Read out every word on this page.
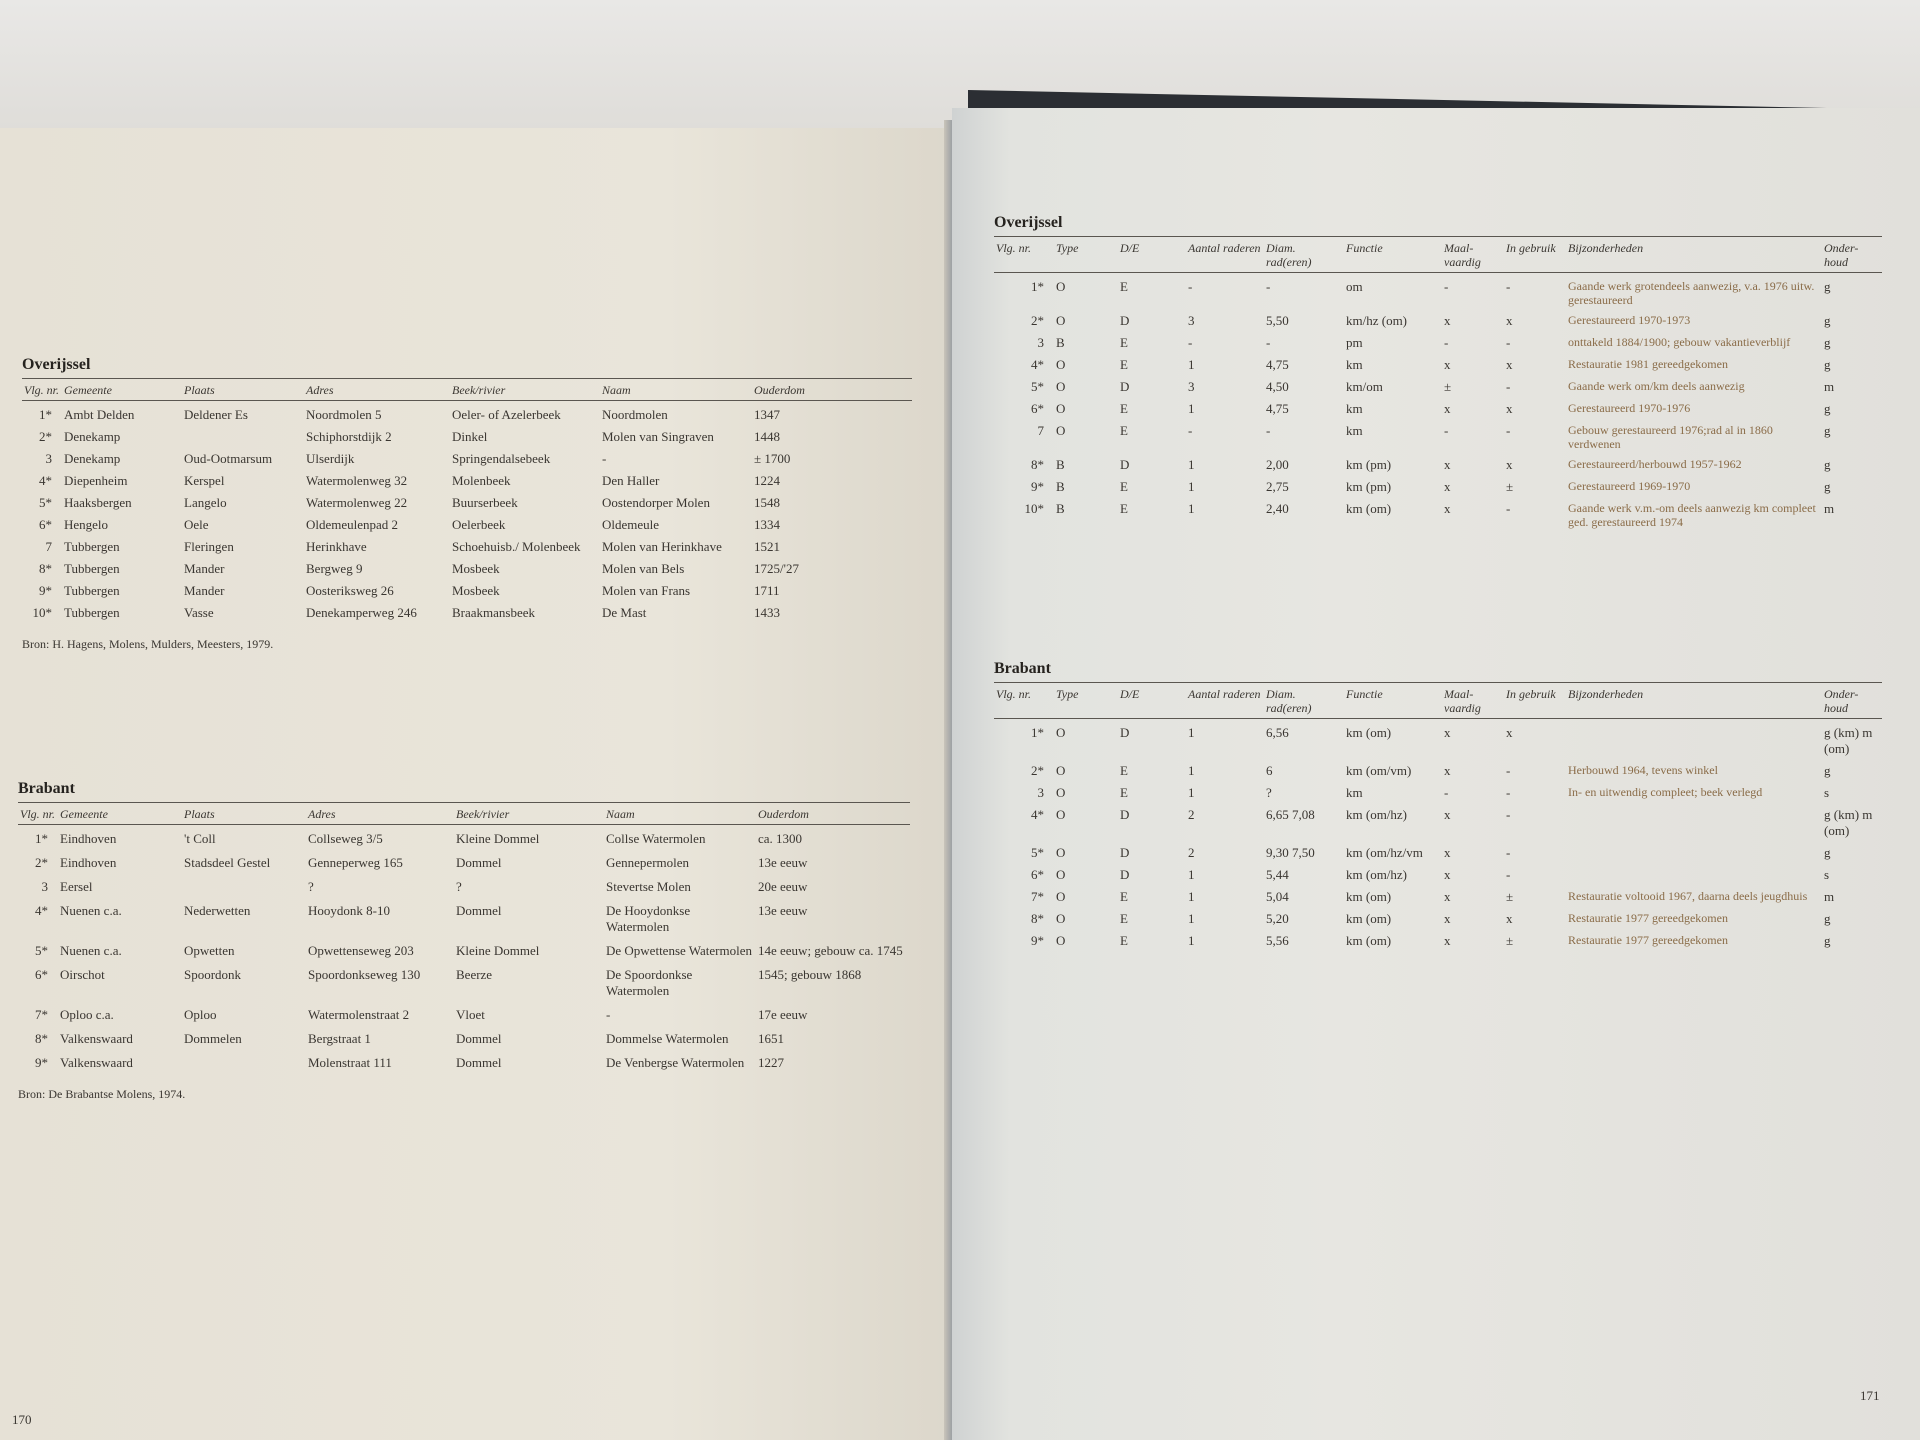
Overijssel
Vlg. nr.	Gemeente	Plaats	Adres	Beek/rivier	Naam	Ouderdom
1*	Ambt Delden	Deldener Es	Noordmolen 5	Oeler- of Azelerbeek	Noordmolen	1347
2*	Denekamp		Schiphorstdijk 2	Dinkel	Molen van Singraven	1448
3	Denekamp	Oud-Ootmarsum	Ulserdijk	Springendalsebeek	-	± 1700
4*	Diepenheim	Kerspel	Watermolenweg 32	Molenbeek	Den Haller	1224
5*	Haaksbergen	Langelo	Watermolenweg 22	Buurserbeek	Oostendorper Molen	1548
6*	Hengelo	Oele	Oldemeulenpad 2	Oelerbeek	Oldemeule	1334
7	Tubbergen	Fleringen	Herinkhave	Schoehuisb./ Molenbeek	Molen van Herinkhave	1521
8*	Tubbergen	Mander	Bergweg 9	Mosbeek	Molen van Bels	1725/'27
9*	Tubbergen	Mander	Oosteriksweg 26	Mosbeek	Molen van Frans	1711
10*	Tubbergen	Vasse	Denekamperweg 246	Braakmansbeek	De Mast	1433
Bron: H. Hagens, Molens, Mulders, Meesters, 1979.
Brabant
Vlg. nr.	Gemeente	Plaats	Adres	Beek/rivier	Naam	Ouderdom
1*	Eindhoven	't Coll	Collseweg 3/5	Kleine Dommel	Collse Watermolen	ca. 1300
2*	Eindhoven	Stadsdeel Gestel	Genneperweg 165	Dommel	Gennepermolen	13e eeuw
3	Eersel		?	?	Stevertse Molen	20e eeuw
4*	Nuenen c.a.	Nederwetten	Hooydonk 8-10	Dommel	De Hooydonkse Watermolen	13e eeuw
5*	Nuenen c.a.	Opwetten	Opwettenseweg 203	Kleine Dommel	De Opwettense Watermolen	14e eeuw; gebouw ca. 1745
6*	Oirschot	Spoordonk	Spoordonkseweg 130	Beerze	De Spoordonkse Watermolen	1545; gebouw 1868
7*	Oploo c.a.	Oploo	Watermolenstraat 2	Vloet	-	17e eeuw
8*	Valkenswaard	Dommelen	Bergstraat 1	Dommel	Dommelse Watermolen	1651
9*	Valkenswaard		Molenstraat 111	Dommel	De Venbergse Watermolen	1227
Bron: De Brabantse Molens, 1974.
170
Overijssel
Vlg. nr.	Type	D/E	Aantal raderen	Diam. rad(eren)	Functie	Maal-vaardig	In gebruik	Bijzonderheden	Onder-houd
1*	O	E	-	-	om	-	-	Gaande werk grotendeels aanwezig, v.a. 1976 uitw. gerestaureerd	g
2*	O	D	3	5,50	km/hz (om)	x	x	Gerestaureerd 1970-1973	g
3	B	E	-	-	pm	-	-	onttakeld 1884/1900; gebouw vakantieverblijf	g
4*	O	E	1	4,75	km	x	x	Restauratie 1981 gereedgekomen	g
5*	O	D	3	4,50	km/om	±	-	Gaande werk om/km deels aanwezig	m
6*	O	E	1	4,75	km	x	x	Gerestaureerd 1970-1976	g
7	O	E	-	-	km	-	-	Gebouw gerestaureerd 1976;rad al in 1860 verdwenen	g
8*	B	D	1	2,00	km (pm)	x	x	Gerestaureerd/herbouwd 1957-1962	g
9*	B	E	1	2,75	km (pm)	x	±	Gerestaureerd 1969-1970	g
10*	B	E	1	2,40	km (om)	x	-	Gaande werk v.m.-om deels aanwezig km compleet ged. gerestaureerd 1974	m
Brabant
Vlg. nr.	Type	D/E	Aantal raderen	Diam. rad(eren)	Functie	Maal-vaardig	In gebruik	Bijzonderheden	Onder-houd
1*	O	D	1	6,56	km (om)	x	x		g (km) m (om)
2*	O	E	1	6	km (om/vm)	x	-	Herbouwd 1964, tevens winkel	g
3	O	E	1	?	km	-	-	In- en uitwendig compleet; beek verlegd	s
4*	O	D	2	6,65 7,08	km (om/hz)	x	-		g (km) m (om)
5*	O	D	2	9,30 7,50	km (om/hz/vm	x	-		g
6*	O	D	1	5,44	km (om/hz)	x	-		s
7*	O	E	1	5,04	km (om)	x	±	Restauratie voltooid 1967, daarna deels jeugdhuis	m
8*	O	E	1	5,20	km (om)	x	x	Restauratie 1977 gereedgekomen	g
9*	O	E	1	5,56	km (om)	x	±	Restauratie 1977 gereedgekomen	g
171
